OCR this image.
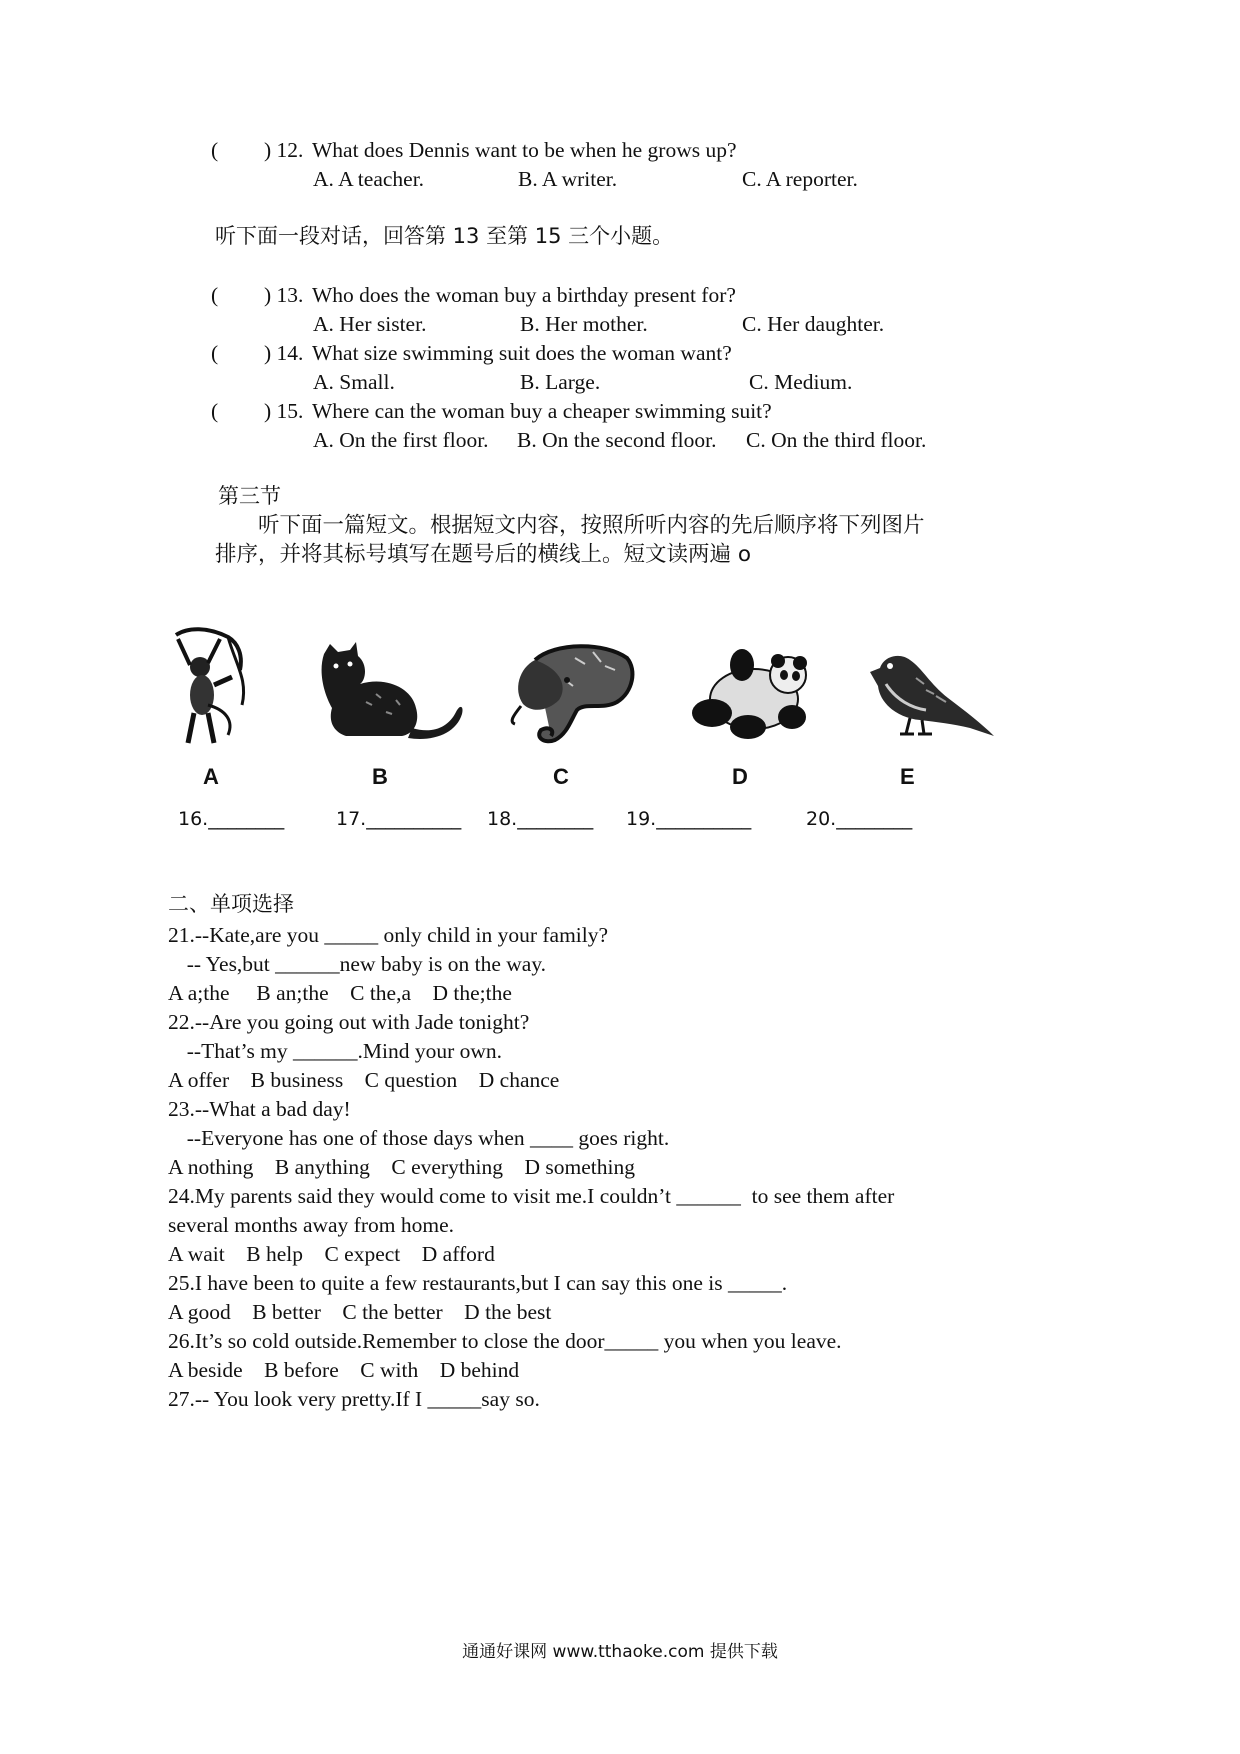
( ) 12. What does Dennis want to be when he grows up?
A. A teacher.	B. A writer.	C. A reporter.
听下面一段对话，回答第 13 至第 15 三个小题。
( ) 13. Who does the woman buy a birthday present for?
A. Her sister.	B. Her mother.	C. Her daughter.
( ) 14. What size swimming suit does the woman want?
A. Small.	B. Large.	C. Medium.
( ) 15. Where can the woman buy a cheaper swimming suit?
A. On the first floor. B. On the second floor. C. On the third floor.
第三节
听下面一篇短文。根据短文内容，按照所听内容的先后顺序将下列图片
排序，并将其标号填写在题号后的横线上。短文读两遍 o
A	B	C	D	E
16.________	17.__________ 18.________ 19.__________	20.________
二、单项选择
21.--Kate,are you _____ only child in your family?
-- Yes,but ______new baby is on the way.
A a;the     B an;the    C the,a    D the;the
22.--Are you going out with Jade tonight?
--That’s my ______.Mind your own.
A offer    B business    C question    D chance
23.--What a bad day!
--Everyone has one of those days when ____ goes right.
A nothing    B anything    C everything    D something
24.My parents said they would come to visit me.I couldn’t ______  to see them after
several months away from home.
A wait    B help    C expect    D afford
25.I have been to quite a few restaurants,but I can say this one is _____.
A good    B better    C the better    D the best
26.It’s so cold outside.Remember to close the door_____ you when you leave.
A beside    B before    C with    D behind
27.-- You look very pretty.If I _____say so.
通通好课网 www.tthaoke.com 提供下载
